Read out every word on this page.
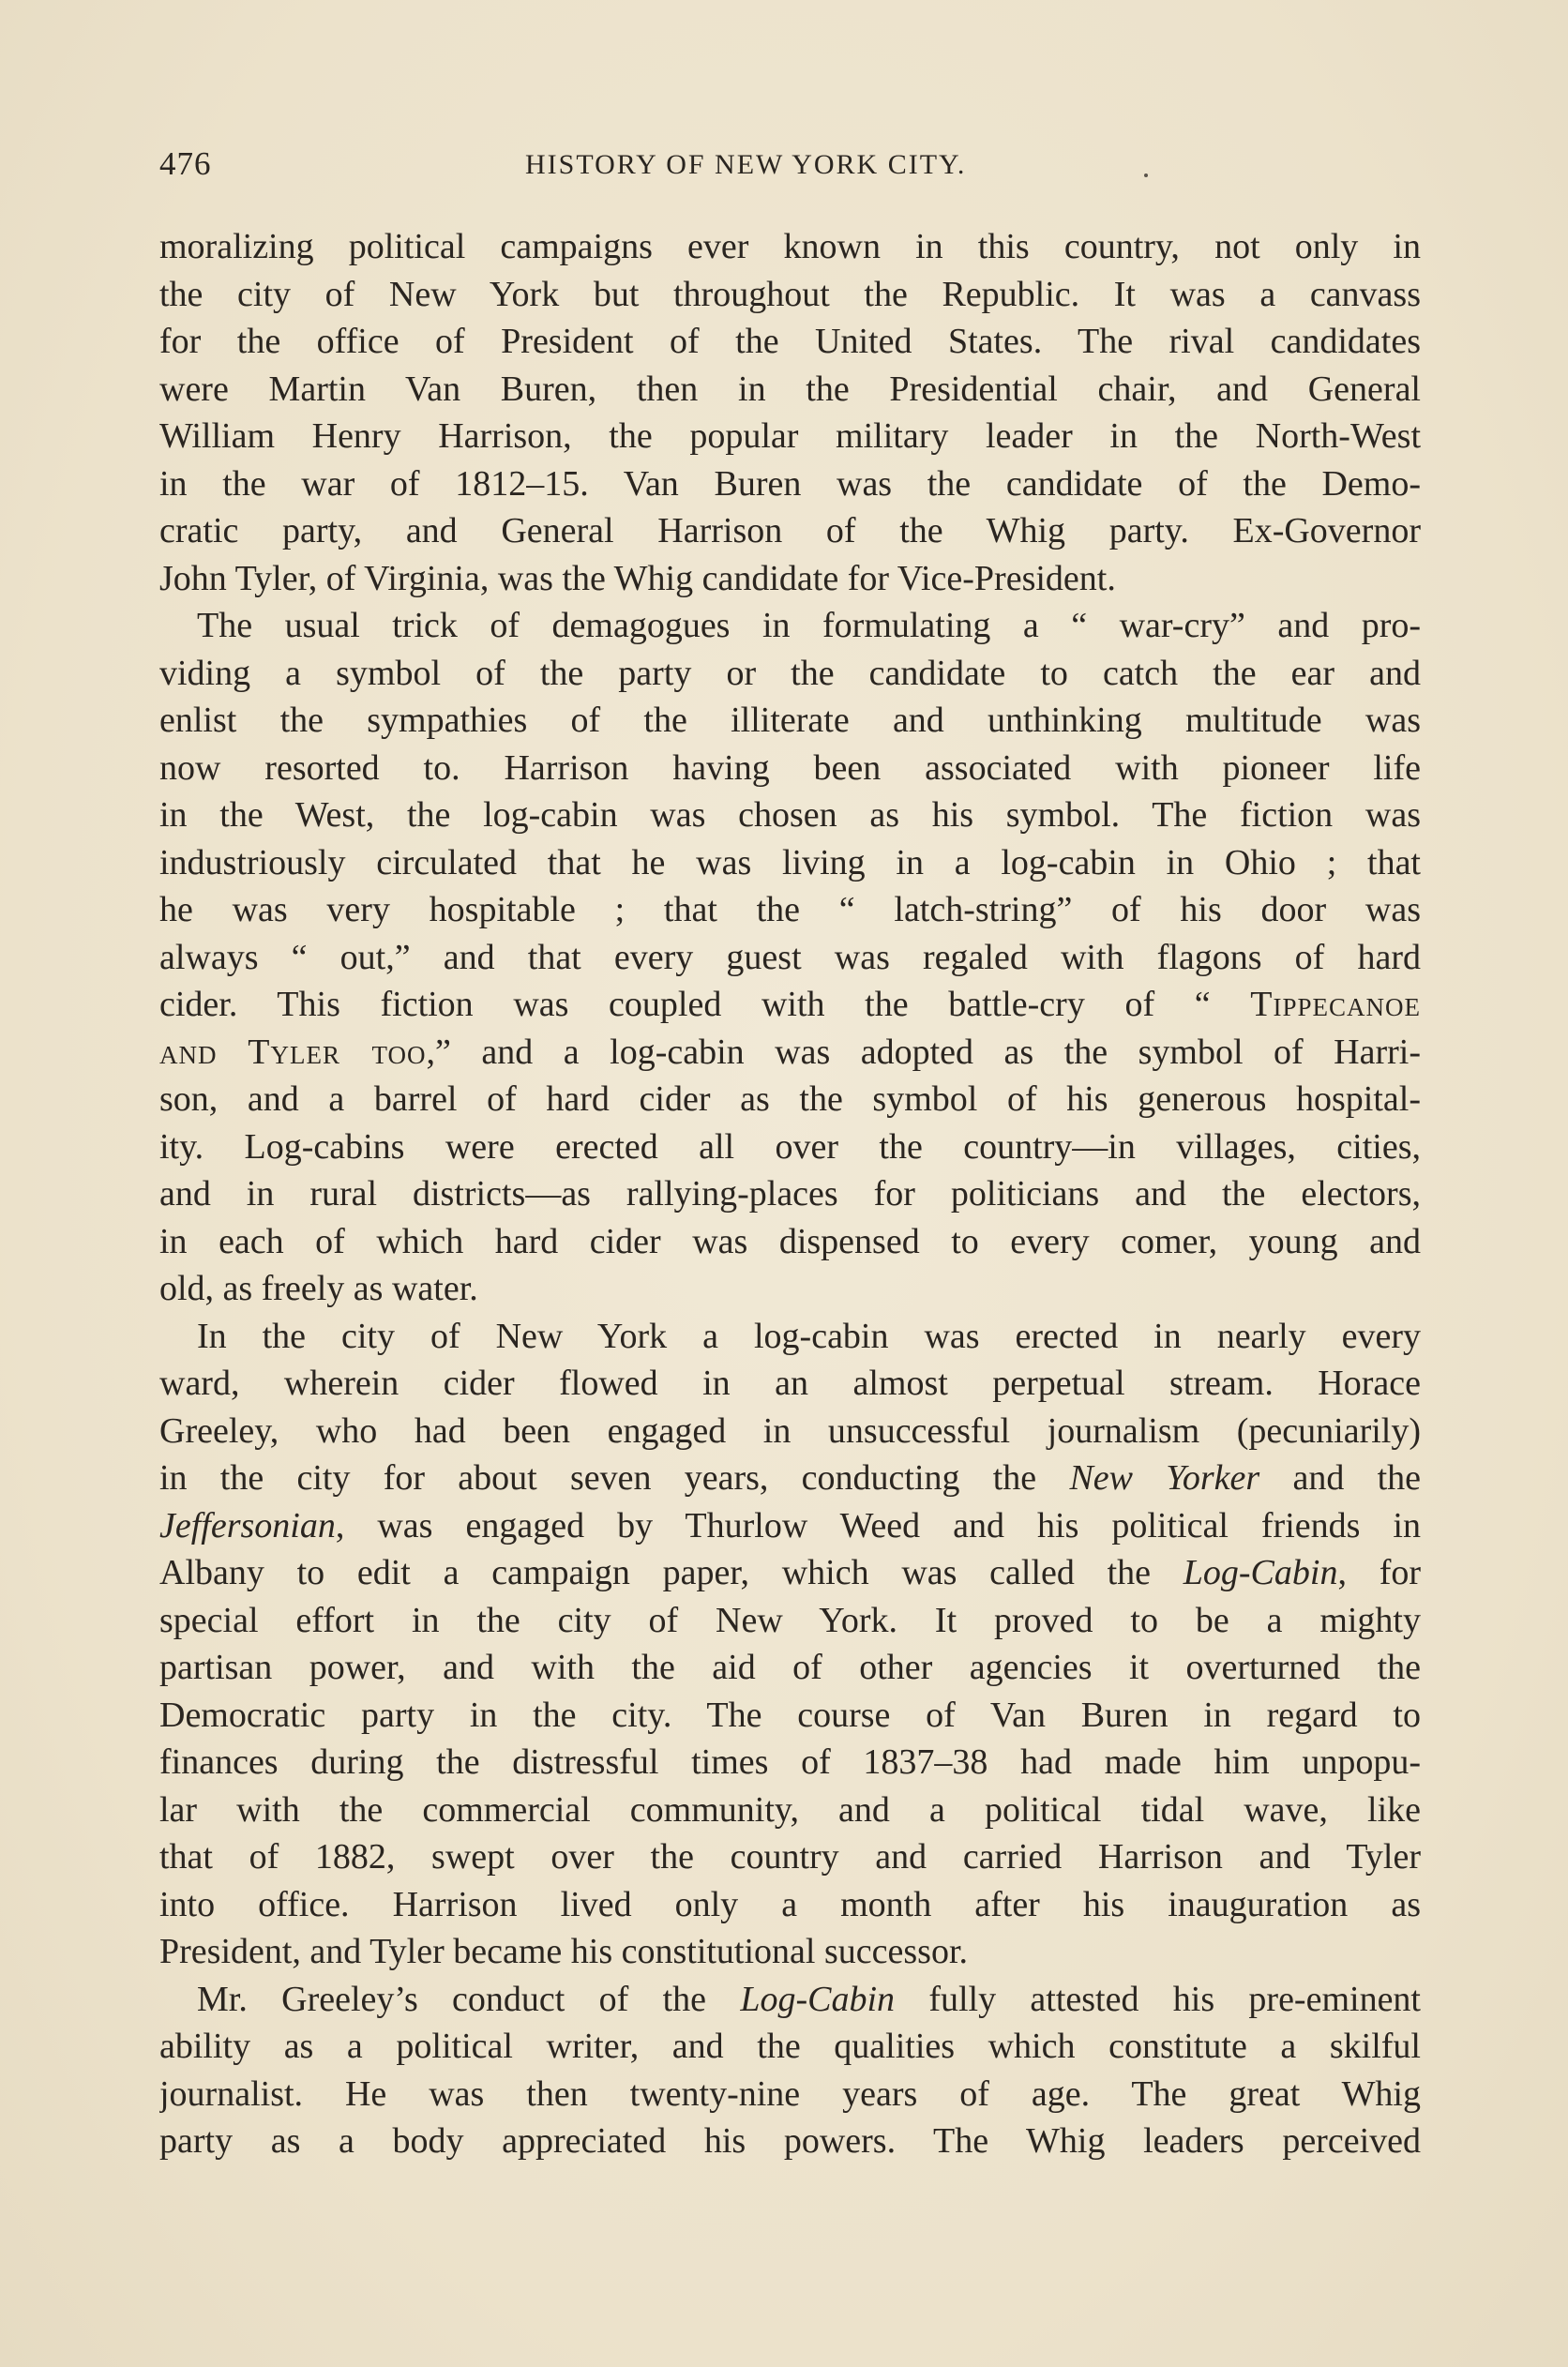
476	HISTORY OF NEW YORK CITY.
moralizing political campaigns ever known in this country, not only in
the city of New York but throughout the Republic. It was a canvass
for the office of President of the United States. The rival candidates
were Martin Van Buren, then in the Presidential chair, and General
William Henry Harrison, the popular military leader in the North-West
in the war of 1812–15. Van Buren was the candidate of the Demo-
cratic party, and General Harrison of the Whig party. Ex-Governor
John Tyler, of Virginia, was the Whig candidate for Vice-President.
The usual trick of demagogues in formulating a “ war-cry” and pro-
viding a symbol of the party or the candidate to catch the ear and
enlist the sympathies of the illiterate and unthinking multitude was
now resorted to. Harrison having been associated with pioneer life
in the West, the log-cabin was chosen as his symbol. The fiction was
industriously circulated that he was living in a log-cabin in Ohio ; that
he was very hospitable ; that the “ latch-string” of his door was
always “ out,” and that every guest was regaled with flagons of hard
cider. This fiction was coupled with the battle-cry of “ Tippecanoe
and Tyler too,” and a log-cabin was adopted as the symbol of Harri-
son, and a barrel of hard cider as the symbol of his generous hospital-
ity. Log-cabins were erected all over the country—in villages, cities,
and in rural districts—as rallying-places for politicians and the electors,
in each of which hard cider was dispensed to every comer, young and
old, as freely as water.
In the city of New York a log-cabin was erected in nearly every
ward, wherein cider flowed in an almost perpetual stream. Horace
Greeley, who had been engaged in unsuccessful journalism (pecuniarily)
in the city for about seven years, conducting the New Yorker and the
Jeffersonian, was engaged by Thurlow Weed and his political friends in
Albany to edit a campaign paper, which was called the Log-Cabin, for
special effort in the city of New York. It proved to be a mighty
partisan power, and with the aid of other agencies it overturned the
Democratic party in the city. The course of Van Buren in regard to
finances during the distressful times of 1837–38 had made him unpopu-
lar with the commercial community, and a political tidal wave, like
that of 1882, swept over the country and carried Harrison and Tyler
into office. Harrison lived only a month after his inauguration as
President, and Tyler became his constitutional successor.
Mr. Greeley’s conduct of the Log-Cabin fully attested his pre-eminent
ability as a political writer, and the qualities which constitute a skilful
journalist. He was then twenty-nine years of age. The great Whig
party as a body appreciated his powers. The Whig leaders perceived
